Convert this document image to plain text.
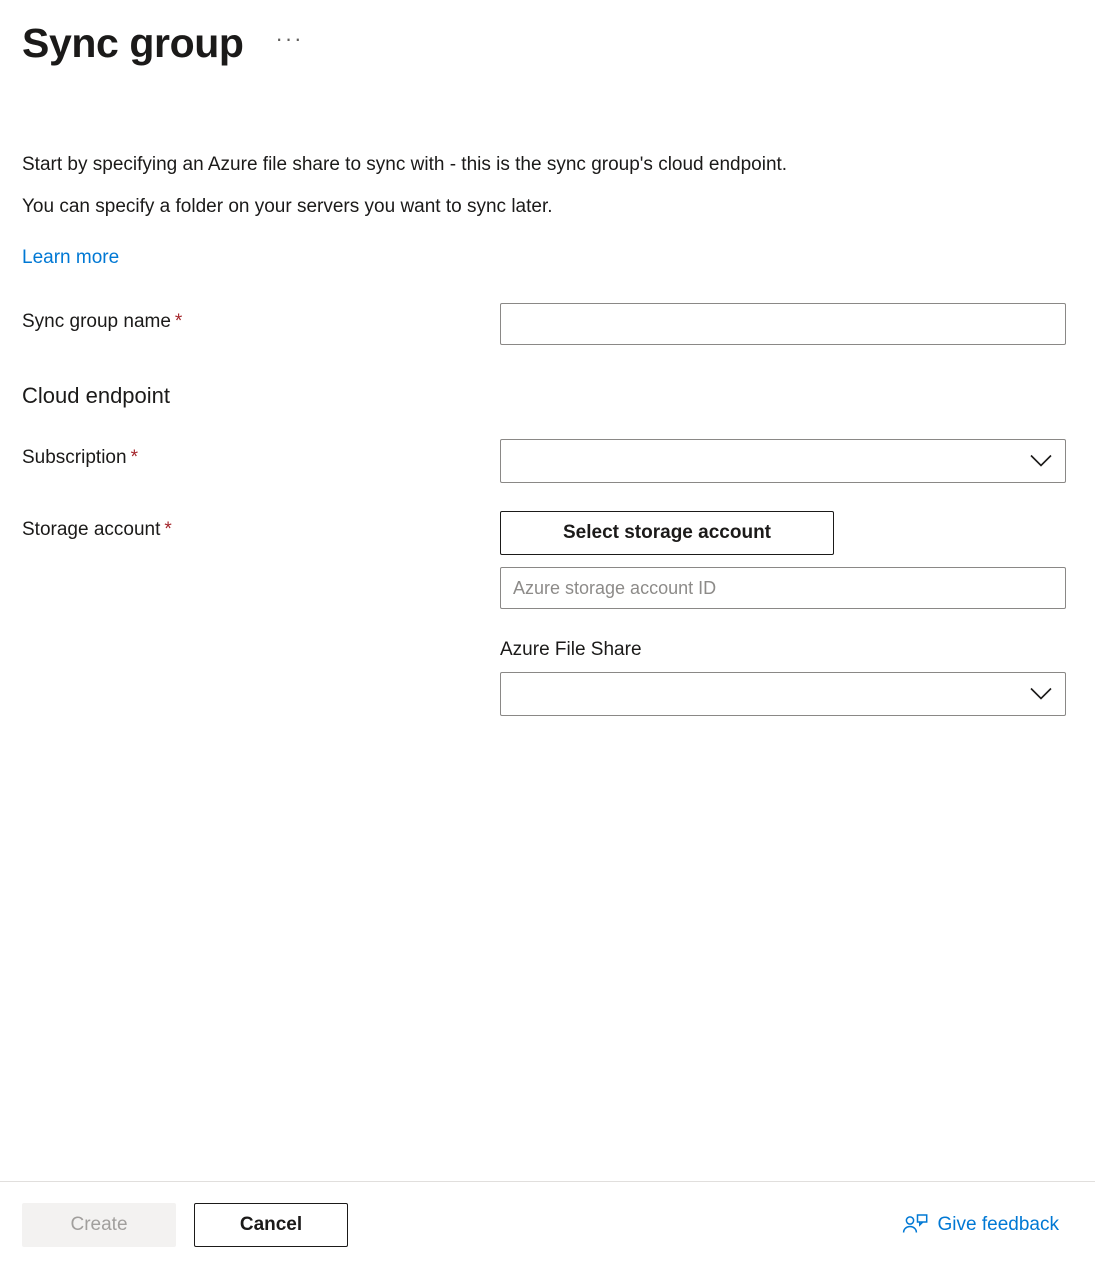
Sync group ···

Start by specifying an Azure file share to sync with - this is the sync group's cloud endpoint.

You can specify a folder on your servers you want to sync later.

Learn more
Sync group name *
Cloud endpoint
Subscription *
Storage account *	Select storage account
Azure storage account ID
Azure File Share
Create	Cancel	Give feedback
